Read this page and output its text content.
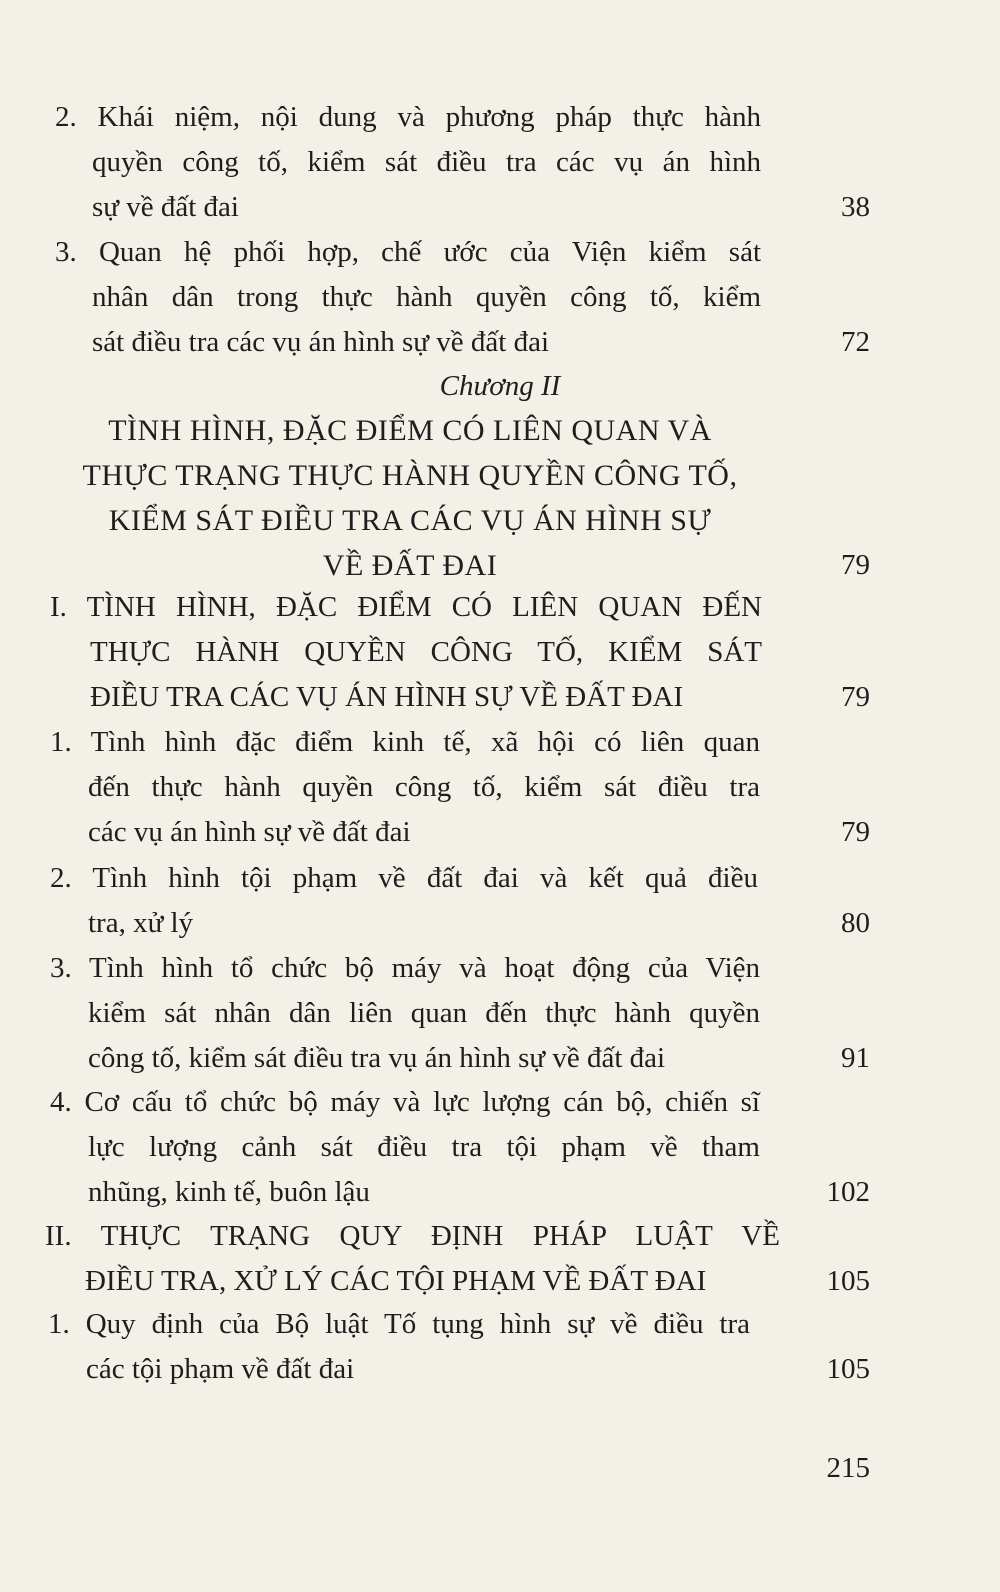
2. Khái niệm, nội dung và phương pháp thực hành
quyền công tố, kiểm sát điều tra các vụ án hình
sự về đất đai	38
3. Quan hệ phối hợp, chế ước của Viện kiểm sát
nhân dân trong thực hành quyền công tố, kiểm
sát điều tra các vụ án hình sự về đất đai	72
Chương II
TÌNH HÌNH, ĐẶC ĐIỂM CÓ LIÊN QUAN VÀ
THỰC TRẠNG THỰC HÀNH QUYỀN CÔNG TỐ,
KIỂM SÁT ĐIỀU TRA CÁC VỤ ÁN HÌNH SỰ
VỀ ĐẤT ĐAI	79
I. TÌNH HÌNH, ĐẶC ĐIỂM CÓ LIÊN QUAN ĐẾN
THỰC HÀNH QUYỀN CÔNG TỐ, KIỂM SÁT
ĐIỀU TRA CÁC VỤ ÁN HÌNH SỰ VỀ ĐẤT ĐAI	79
1. Tình hình đặc điểm kinh tế, xã hội có liên quan
đến thực hành quyền công tố, kiểm sát điều tra
các vụ án hình sự về đất đai	79
2. Tình hình tội phạm về đất đai và kết quả điều
tra, xử lý	80
3. Tình hình tổ chức bộ máy và hoạt động của Viện
kiểm sát nhân dân liên quan đến thực hành quyền
công tố, kiểm sát điều tra vụ án hình sự về đất đai	91
4. Cơ cấu tổ chức bộ máy và lực lượng cán bộ, chiến sĩ
lực lượng cảnh sát điều tra tội phạm về tham
nhũng, kinh tế, buôn lậu	102
II. THỰC TRẠNG QUY ĐỊNH PHÁP LUẬT VỀ
ĐIỀU TRA, XỬ LÝ CÁC TỘI PHẠM VỀ ĐẤT ĐAI	105
1. Quy định của Bộ luật Tố tụng hình sự về điều tra
các tội phạm về đất đai	105
215
